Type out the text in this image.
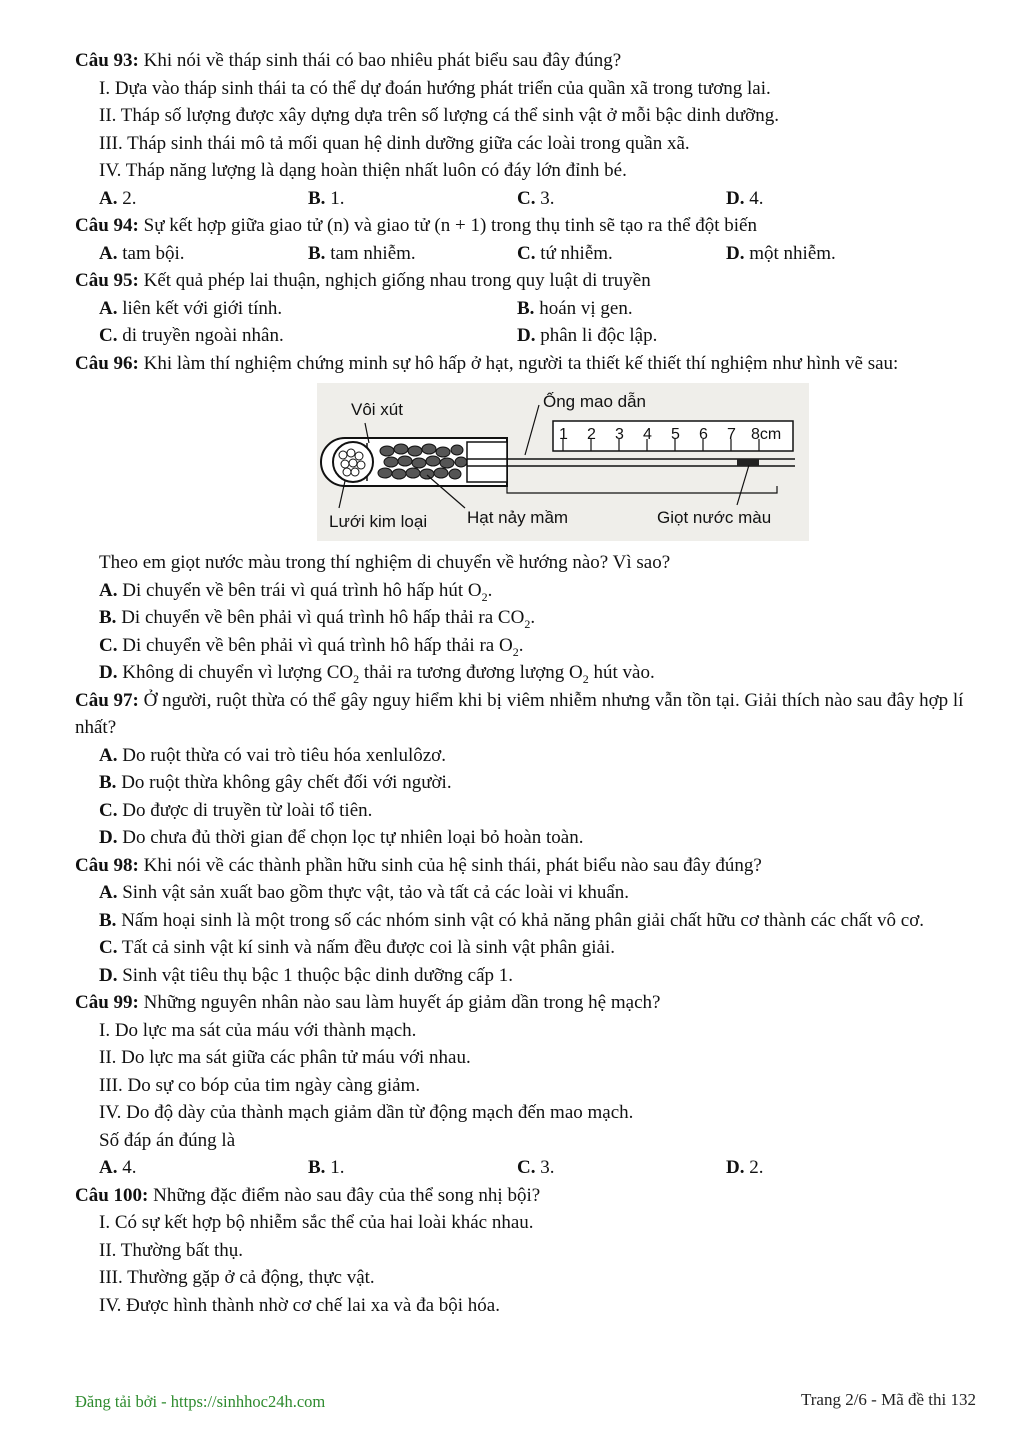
Câu 93: Khi nói về tháp sinh thái có bao nhiêu phát biểu sau đây đúng?
I. Dựa vào tháp sinh thái ta có thể dự đoán hướng phát triển của quần xã trong tương lai.
II. Tháp số lượng được xây dựng dựa trên số lượng cá thể sinh vật ở mỗi bậc dinh dưỡng.
III. Tháp sinh thái mô tả mối quan hệ dinh dưỡng giữa các loài trong quần xã.
IV. Tháp năng lượng là dạng hoàn thiện nhất luôn có đáy lớn đỉnh bé.
A. 2.	B. 1.	C. 3.	D. 4.
Câu 94: Sự kết hợp giữa giao tử (n) và giao tử (n + 1) trong thụ tinh sẽ tạo ra thể đột biến
A. tam bội.	B. tam nhiễm.	C. tứ nhiễm.	D. một nhiễm.
Câu 95: Kết quả phép lai thuận, nghịch giống nhau trong quy luật di truyền
A. liên kết với giới tính.	B. hoán vị gen.
C. di truyền ngoài nhân.	D. phân li độc lập.
Câu 96: Khi làm thí nghiệm chứng minh sự hô hấp ở hạt, người ta thiết kế thiết thí nghiệm như hình vẽ sau:
1 2 3 4 5 6 7 8cm
Vôi xút	Ống mao dẫn
Lưới kim loại Hạt nảy mầm	Giọt nước màu
Theo em giọt nước màu trong thí nghiệm di chuyển về hướng nào? Vì sao?
A. Di chuyển về bên trái vì quá trình hô hấp hút $O_2$.
B. Di chuyển về bên phải vì quá trình hô hấp thải ra $CO_2$.
C. Di chuyển về bên phải vì quá trình hô hấp thải ra $O_2$.
D. Không di chuyển vì lượng $CO_2$ thải ra tương đương lượng $O_2$ hút vào.
Câu 97: Ở người, ruột thừa có thể gây nguy hiểm khi bị viêm nhiễm nhưng vẫn tồn tại. Giải thích nào sau đây hợp lí nhất?
A. Do ruột thừa có vai trò tiêu hóa xenlulôzơ.
B. Do ruột thừa không gây chết đối với người.
C. Do được di truyền từ loài tổ tiên.
D. Do chưa đủ thời gian để chọn lọc tự nhiên loại bỏ hoàn toàn.
Câu 98: Khi nói về các thành phần hữu sinh của hệ sinh thái, phát biểu nào sau đây đúng?
A. Sinh vật sản xuất bao gồm thực vật, tảo và tất cả các loài vi khuẩn.
B. Nấm hoại sinh là một trong số các nhóm sinh vật có khả năng phân giải chất hữu cơ thành các chất vô cơ.
C. Tất cả sinh vật kí sinh và nấm đều được coi là sinh vật phân giải.
D. Sinh vật tiêu thụ bậc 1 thuộc bậc dinh dưỡng cấp 1.
Câu 99: Những nguyên nhân nào sau làm huyết áp giảm dần trong hệ mạch?
I. Do lực ma sát của máu với thành mạch.
II. Do lực ma sát giữa các phân tử máu với nhau.
III. Do sự co bóp của tim ngày càng giảm.
IV. Do độ dày của thành mạch giảm dần từ động mạch đến mao mạch.
Số đáp án đúng là
A. 4.	B. 1.	C. 3.	D. 2.
Câu 100: Những đặc điểm nào sau đây của thể song nhị bội?
I. Có sự kết hợp bộ nhiễm sắc thể của hai loài khác nhau.
II. Thường bất thụ.
III. Thường gặp ở cả động, thực vật.
IV. Được hình thành nhờ cơ chế lai xa và đa bội hóa.
Đăng tải bởi - https://sinhhoc24h.com	Trang 2/6 - Mã đề thi 132
